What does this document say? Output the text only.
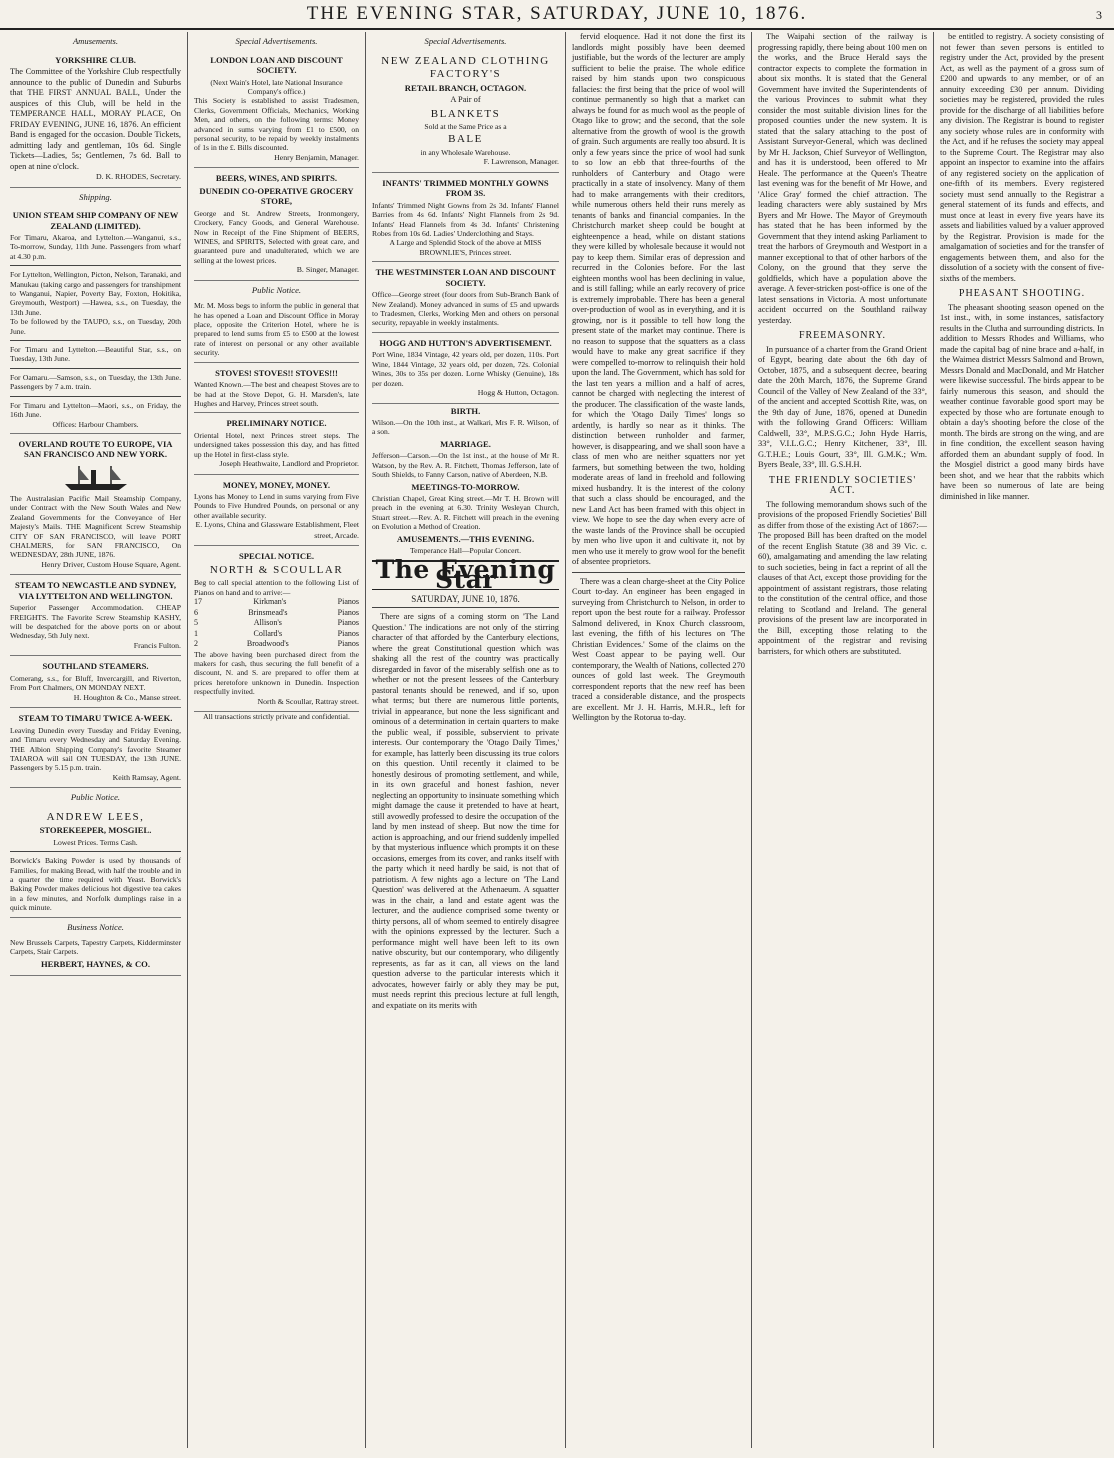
THE EVENING STAR, SATURDAY, JUNE 10, 1876.	3
Amusements.
YORKSHIRE CLUB.
The Committee of the Yorkshire Club respectfully announce to the public of Dunedin and Suburbs that THE FIRST ANNUAL BALL, Under the auspices of this Club, will be held in the TEMPERANCE HALL, MORAY PLACE, On FRIDAY EVENING, JUNE 16, 1876. An efficient Band is engaged for the occasion. Double Tickets, admitting lady and gentleman, 10s 6d. Single Tickets—Ladies, 5s; Gentlemen, 7s 6d. Ball to open at nine o'clock.
D. K. RHODES, Secretary.
Shipping.
UNION STEAM SHIP COMPANY OF NEW ZEALAND (LIMITED).
For Timaru, Akaroa, and Lyttelton.—Wanganui, s.s., To-morrow, Sunday, 11th June. Passengers from wharf at 4.30 p.m.
For Lyttelton, Wellington, Picton, Nelson, Taranaki, and Manukau (taking cargo and passengers for transhipment to Wanganui, Napier, Poverty Bay, Foxton, Hokitika, Greymouth, Westport) —Hawea, s.s., on Tuesday, the 13th June.
To be followed by the TAUPO, s.s., on Tuesday, 20th June.
For Timaru and Lyttelton.—Beautiful Star, s.s., on Tuesday, 13th June.
For Oamaru.—Samson, s.s., on Tuesday, the 13th June. Passengers by 7 a.m. train.
For Timaru and Lyttelton—Maori, s.s., on Friday, the 16th June.
Offices: Harbour Chambers.
OVERLAND ROUTE TO EUROPE, VIA SAN FRANCISCO AND NEW YORK.
The Australasian Pacific Mail Steamship Company, under Contract with the New South Wales and New Zealand Governments for the Conveyance of Her Majesty's Mails. THE Magnificent Screw Steamship CITY OF SAN FRANCISCO, will leave PORT CHALMERS, for SAN FRANCISCO, On WEDNESDAY, 28th JUNE, 1876.
Henry Driver, Custom House Square, Agent.
STEAM TO NEWCASTLE AND SYDNEY, VIA LYTTELTON AND WELLINGTON.
Superior Passenger Accommodation. CHEAP FREIGHTS. The Favorite Screw Steamship KASHY, will be despatched for the above ports on or about Wednesday, 5th July next.
Francis Fulton.
SOUTHLAND STEAMERS.
Comerang, s.s., for Bluff, Invercargill, and Riverton, From Port Chalmers, ON MONDAY NEXT.
H. Houghton & Co., Manse street.
STEAM TO TIMARU TWICE A-WEEK.
Leaving Dunedin every Tuesday and Friday Evening, and Timaru every Wednesday and Saturday Evening. THE Albion Shipping Company's favorite Steamer TAIAROA will sail ON TUESDAY, the 13th JUNE. Passengers by 5.15 p.m. train.
Keith Ramsay, Agent.
Public Notice.
ANDREW LEES,
STOREKEEPER, MOSGIEL.
Lowest Prices. Terms Cash.
Borwick's Baking Powder is used by thousands of Families, for making Bread, with half the trouble and in a quarter the time required with Yeast. Borwick's Baking Powder makes delicious hot digestive tea cakes in a few minutes, and Norfolk dumplings raise in a quick minute.
Business Notice.
New Brussels Carpets, Tapestry Carpets, Kidderminster Carpets, Stair Carpets.
HERBERT, HAYNES, & CO.
Special Advertisements.
LONDON LOAN AND DISCOUNT SOCIETY.
(Next Wain's Hotel, late National Insurance Company's office.)
This Society is established to assist Tradesmen, Clerks, Government Officials, Mechanics, Working Men, and others, on the following terms: Money advanced in sums varying from £1 to £500, on personal security, to be repaid by weekly instalments of 1s in the £. Bills discounted.
Henry Benjamin, Manager.
BEERS, WINES, AND SPIRITS.
DUNEDIN CO-OPERATIVE GROCERY STORE,
George and St. Andrew Streets, Ironmongery, Crockery, Fancy Goods, and General Warehouse. Now in Receipt of the Fine Shipment of BEERS, WINES, and SPIRITS, Selected with great care, and guaranteed pure and unadulterated, which we are selling at the lowest prices.
B. Singer, Manager.
Public Notice.
Mr. M. Moss begs to inform the public in general that he has opened a Loan and Discount Office in Moray place, opposite the Criterion Hotel, where he is prepared to lend sums from £5 to £500 at the lowest rate of interest on personal or any other available security.
STOVES! STOVES!! STOVES!!!
Wanted Known.—The best and cheapest Stoves are to be had at the Stove Depot, G. H. Marsden's, late Hughes and Harvey, Princes street south.
PRELIMINARY NOTICE.
Oriental Hotel, next Princes street steps. The undersigned takes possession this day, and has fitted up the Hotel in first-class style.
Joseph Heathwaite, Landlord and Proprietor.
MONEY, MONEY, MONEY.
Lyons has Money to Lend in sums varying from Five Pounds to Five Hundred Pounds, on personal or any other available security.
E. Lyons, China and Glassware Establishment, Fleet street, Arcade.
SPECIAL NOTICE.
NORTH & SCOULLAR
Beg to call special attention to the following List of Pianos on hand and to arrive:—
17	Kirkman's	Pianos
6	Brinsmead's	Pianos
5	Allison's	Pianos
1	Collard's	Pianos
2	Broadwood's	Pianos
The above having been purchased direct from the makers for cash, thus securing the full benefit of a discount, N. and S. are prepared to offer them at prices heretofore unknown in Dunedin. Inspection respectfully invited.
North & Scoullar, Rattray street.
All transactions strictly private and confidential.
Special Advertisements.
NEW ZEALAND CLOTHING
FACTORY'S
RETAIL BRANCH, OCTAGON.
A Pair of
BLANKETS
Sold at the Same Price as a
BALE
in any Wholesale Warehouse.
F. Lawrenson, Manager.
INFANTS' TRIMMED MONTHLY GOWNS FROM 3S.
Infants' Trimmed Night Gowns from 2s 3d. Infants' Flannel Barries from 4s 6d. Infants' Night Flannels from 2s 9d. Infants' Head Flannels from 4s 3d. Infants' Christening Robes from 10s 6d. Ladies' Underclothing and Stays.
A Large and Splendid Stock of the above at MISS BROWNLIE'S, Princes street.
THE WESTMINSTER LOAN AND DISCOUNT SOCIETY.
Office—George street (four doors from Sub-Branch Bank of New Zealand). Money advanced in sums of £5 and upwards to Tradesmen, Clerks, Working Men and others on personal security, repayable in weekly instalments.
HOGG AND HUTTON'S ADVERTISEMENT.
Port Wine, 1834 Vintage, 42 years old, per dozen, 110s. Port Wine, 1844 Vintage, 32 years old, per dozen, 72s. Colonial Wines, 30s to 35s per dozen. Lorne Whisky (Genuine), 18s per dozen.
Hogg & Hutton, Octagon.
BIRTH.
Wilson.—On the 10th inst., at Walkari, Mrs F. R. Wilson, of a son.
MARRIAGE.
Jefferson—Carson.—On the 1st inst., at the house of Mr R. Watson, by the Rev. A. R. Fitchett, Thomas Jefferson, late of South Shields, to Fanny Carson, native of Aberdeen, N.B.
MEETINGS-TO-MORROW.
Christian Chapel, Great King street.—Mr T. H. Brown will preach in the evening at 6.30. Trinity Wesleyan Church, Stuart street.—Rev. A. R. Fitchett will preach in the evening on Evolution a Method of Creation.
AMUSEMENTS.—THIS EVENING.
Temperance Hall—Popular Concert.
The Evening Star
SATURDAY, JUNE 10, 1876.

There are signs of a coming storm on 'The Land Question.' The indications are not only of the stirring character of that afforded by the Canterbury elections, where the great Constitutional question which was shaking all the rest of the country was practically disregarded in favor of the miserably selfish one as to whether or not the present lessees of the Canterbury pastoral tenants should be renewed, and if so, upon what terms; but there are numerous little portents, trivial in appearance, but none the less significant and ominous of a determination in certain quarters to make the public weal, if possible, subservient to private interests. Our contemporary the 'Otago Daily Times,' for example, has latterly been discussing its true colors on this question. Until recently it claimed to be honestly desirous of promoting settlement, and while, in its own graceful and honest fashion, never neglecting an opportunity to insinuate something which might damage the cause it pretended to have at heart, still avowedly professed to desire the occupation of the land by men instead of sheep. But now the time for action is approaching, and our friend suddenly impelled by that mysterious influence which prompts it on these occasions, emerges from its cover, and ranks itself with the party which it need hardly be said, is not that of patriotism. A few nights ago a lecture on 'The Land Question' was delivered at the Athenaeum. A squatter was in the chair, a land and estate agent was the lecturer, and the audience comprised some twenty or thirty persons, all of whom seemed to entirely disagree with the opinions expressed by the lecturer. Such a performance might well have been left to its own native obscurity, but our contemporary, who diligently represents, as far as it can, all views on the land question adverse to the particular interests which it advocates, however fairly or ably they may be put, must needs reprint this precious lecture at full length, and expatiate on its merits with

fervid eloquence. Had it not done the first its landlords might possibly have been deemed justifiable, but the words of the lecturer are amply sufficient to belie the praise. The whole edifice raised by him stands upon two conspicuous fallacies: the first being that the price of wool will continue permanently so high that a market can always be found for as much wool as the people of Otago like to grow; and the second, that the sole alternative from the growth of wool is the growth of grain. Such arguments are really too absurd. It is only a few years since the price of wool had sunk to so low an ebb that three-fourths of the runholders of Canterbury and Otago were practically in a state of insolvency. Many of them had to make arrangements with their creditors, while numerous others held their runs merely as tenants of banks and financial companies. In the Christchurch market sheep could be bought at eighteenpence a head, while on distant stations they were killed by wholesale because it would not pay to keep them. Similar eras of depression and recurred in the Colonies before. For the last eighteen months wool has been declining in value, and is still falling; while an early recovery of price is extremely improbable. There has been a general over-production of wool as in everything, and it is growing, nor is it possible to tell how long the present state of the market may continue. There is no reason to suppose that the squatters as a class would have to make any great sacrifice if they were compelled to-morrow to relinquish their hold upon the land. The Government, which has sold for the last ten years a million and a half of acres, cannot be charged with neglecting the interest of the producer. The classification of the waste lands, for which the 'Otago Daily Times' longs so ardently, is hardly so near as it thinks. The distinction between runholder and farmer, however, is disappearing, and we shall soon have a class of men who are neither squatters nor yet farmers, but something between the two, holding moderate areas of land in freehold and following mixed husbandry. It is the interest of the colony that such a class should be encouraged, and the new Land Act has been framed with this object in view. We hope to see the day when every acre of the waste lands of the Province shall be occupied by men who live upon it and cultivate it, not by men who use it merely to grow wool for the benefit of absentee proprietors.

There was a clean charge-sheet at the City Police Court to-day. An engineer has been engaged in surveying from Christchurch to Nelson, in order to report upon the best route for a railway. Professor Salmond delivered, in Knox Church classroom, last evening, the fifth of his lectures on 'The Christian Evidences.' Some of the claims on the West Coast appear to be paying well. Our contemporary, the Wealth of Nations, collected 270 ounces of gold last week. The Greymouth correspondent reports that the new reef has been traced a considerable distance, and the prospects are excellent. Mr J. H. Harris, M.H.R., left for Wellington by the Rotorua to-day.

The Waipahi section of the railway is progressing rapidly, there being about 100 men on the works, and the Bruce Herald says the contractor expects to complete the formation in about six months. It is stated that the General Government have invited the Superintendents of the various Provinces to submit what they consider the most suitable division lines for the proposed counties under the new system. It is stated that the salary attaching to the post of Assistant Surveyor-General, which was declined by Mr H. Jackson, Chief Surveyor of Wellington, and has it is understood, been offered to Mr Heale. The performance at the Queen's Theatre last evening was for the benefit of Mr Howe, and 'Alice Gray' formed the chief attraction. The leading characters were ably sustained by Mrs Byers and Mr Howe. The Mayor of Greymouth has stated that he has been informed by the Government that they intend asking Parliament to treat the harbors of Greymouth and Westport in a manner exceptional to that of other harbors of the Colony, on the ground that they serve the goldfields, which have a population above the average. A fever-stricken post-office is one of the latest sensations in Victoria. A most unfortunate accident occurred on the Southland railway yesterday.

FREEMASONRY.

In pursuance of a charter from the Grand Orient of Egypt, bearing date about the 6th day of October, 1875, and a subsequent decree, bearing date the 20th March, 1876, the Supreme Grand Council of the Valley of New Zealand of the 33°, of the ancient and accepted Scottish Rite, was, on the 9th day of June, 1876, opened at Dunedin with the following Grand Officers: William Caldwell, 33°, M.P.S.G.C.; John Hyde Harris, 33°, V.I.L.G.C.; Henry Kitchener, 33°, Ill. G.T.H.E.; Louis Gourt, 33°, Ill. G.M.K.; Wm. Byers Beale, 33°, Ill. G.S.H.H.

THE FRIENDLY SOCIETIES' ACT.

The following memorandum shows such of the provisions of the proposed Friendly Societies' Bill as differ from those of the existing Act of 1867:— The proposed Bill has been drafted on the model of the recent English Statute (38 and 39 Vic. c. 60), amalgamating and amending the law relating to such societies, being in fact a reprint of all the clauses of that Act, except those providing for the appointment of assistant registrars, those relating to the constitution of the central office, and those relating to Scotland and Ireland. The general provisions of the present law are incorporated in the Bill, excepting those relating to the appointment of the registrar and revising barristers, for which others are substituted.

be entitled to registry. A society consisting of not fewer than seven persons is entitled to registry under the Act, provided by the present Act, as well as the payment of a gross sum of £200 and upwards to any member, or of an annuity exceeding £30 per annum. Dividing societies may be registered, provided the rules provide for the discharge of all liabilities before any division. The Registrar is bound to register any society whose rules are in conformity with the Act, and if he refuses the society may appeal to the Supreme Court. The Registrar may also appoint an inspector to examine into the affairs of any registered society on the application of one-fifth of its members. Every registered society must send annually to the Registrar a general statement of its funds and effects, and must once at least in every five years have its assets and liabilities valued by a valuer approved by the Registrar. Provision is made for the amalgamation of societies and for the transfer of engagements between them, and also for the dissolution of a society with the consent of five-sixths of the members.

PHEASANT SHOOTING.

The pheasant shooting season opened on the 1st inst., with, in some instances, satisfactory results in the Clutha and surrounding districts. In addition to Messrs Rhodes and Williams, who made the capital bag of nine brace and a-half, in the Waimea district Messrs Salmond and Brown, Messrs Donald and MacDonald, and Mr Hatcher were likewise successful. The birds appear to be fairly numerous this season, and should the weather continue favorable good sport may be expected by those who are fortunate enough to obtain a day's shooting before the close of the month. The birds are strong on the wing, and are in fine condition, the excellent season having afforded them an abundant supply of food. In the Mosgiel district a good many birds have been shot, and we hear that the rabbits which have been so numerous of late are being diminished in like manner.
